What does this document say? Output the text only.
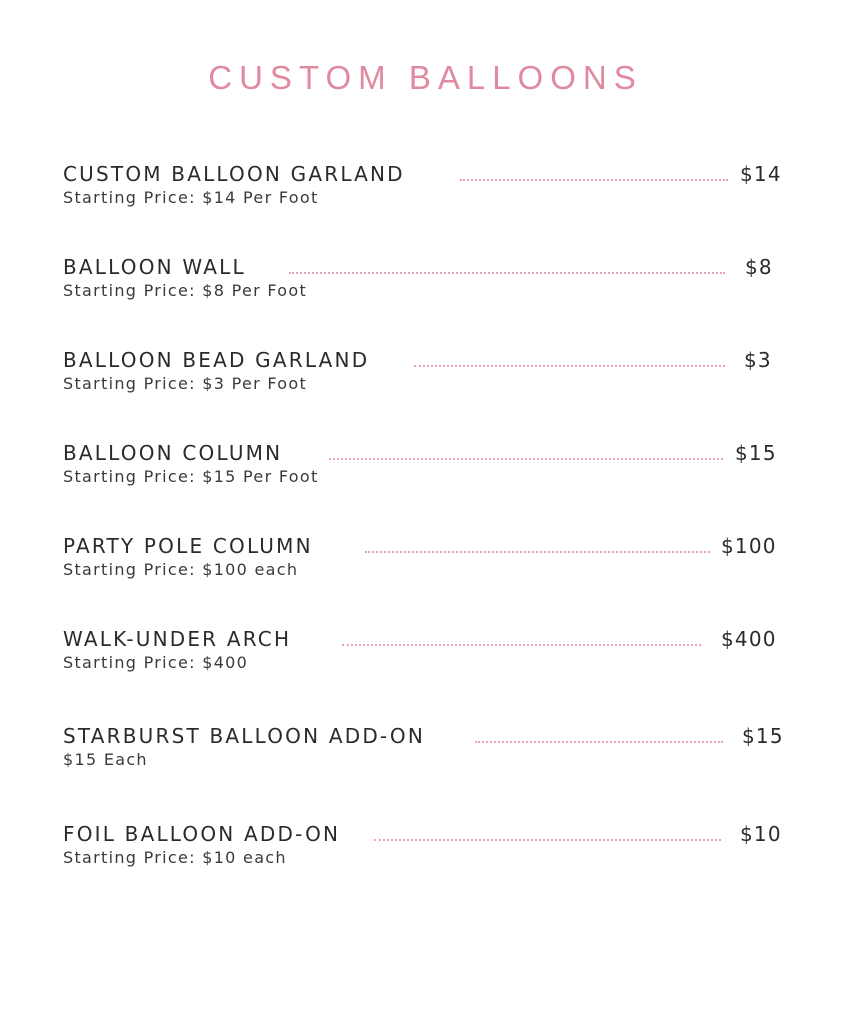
CUSTOM BALLOONS
CUSTOM BALLOON GARLAND	$14
Starting Price: $14 Per Foot
BALLOON WALL	$8
Starting Price: $8 Per Foot
BALLOON BEAD GARLAND	$3
Starting Price: $3 Per Foot
BALLOON COLUMN	$15
Starting Price: $15 Per Foot
PARTY POLE COLUMN	$100
Starting Price: $100 each
WALK-UNDER ARCH	$400
Starting Price: $400
STARBURST BALLOON ADD-ON	$15
$15 Each
FOIL BALLOON ADD-ON	$10
Starting Price: $10 each
